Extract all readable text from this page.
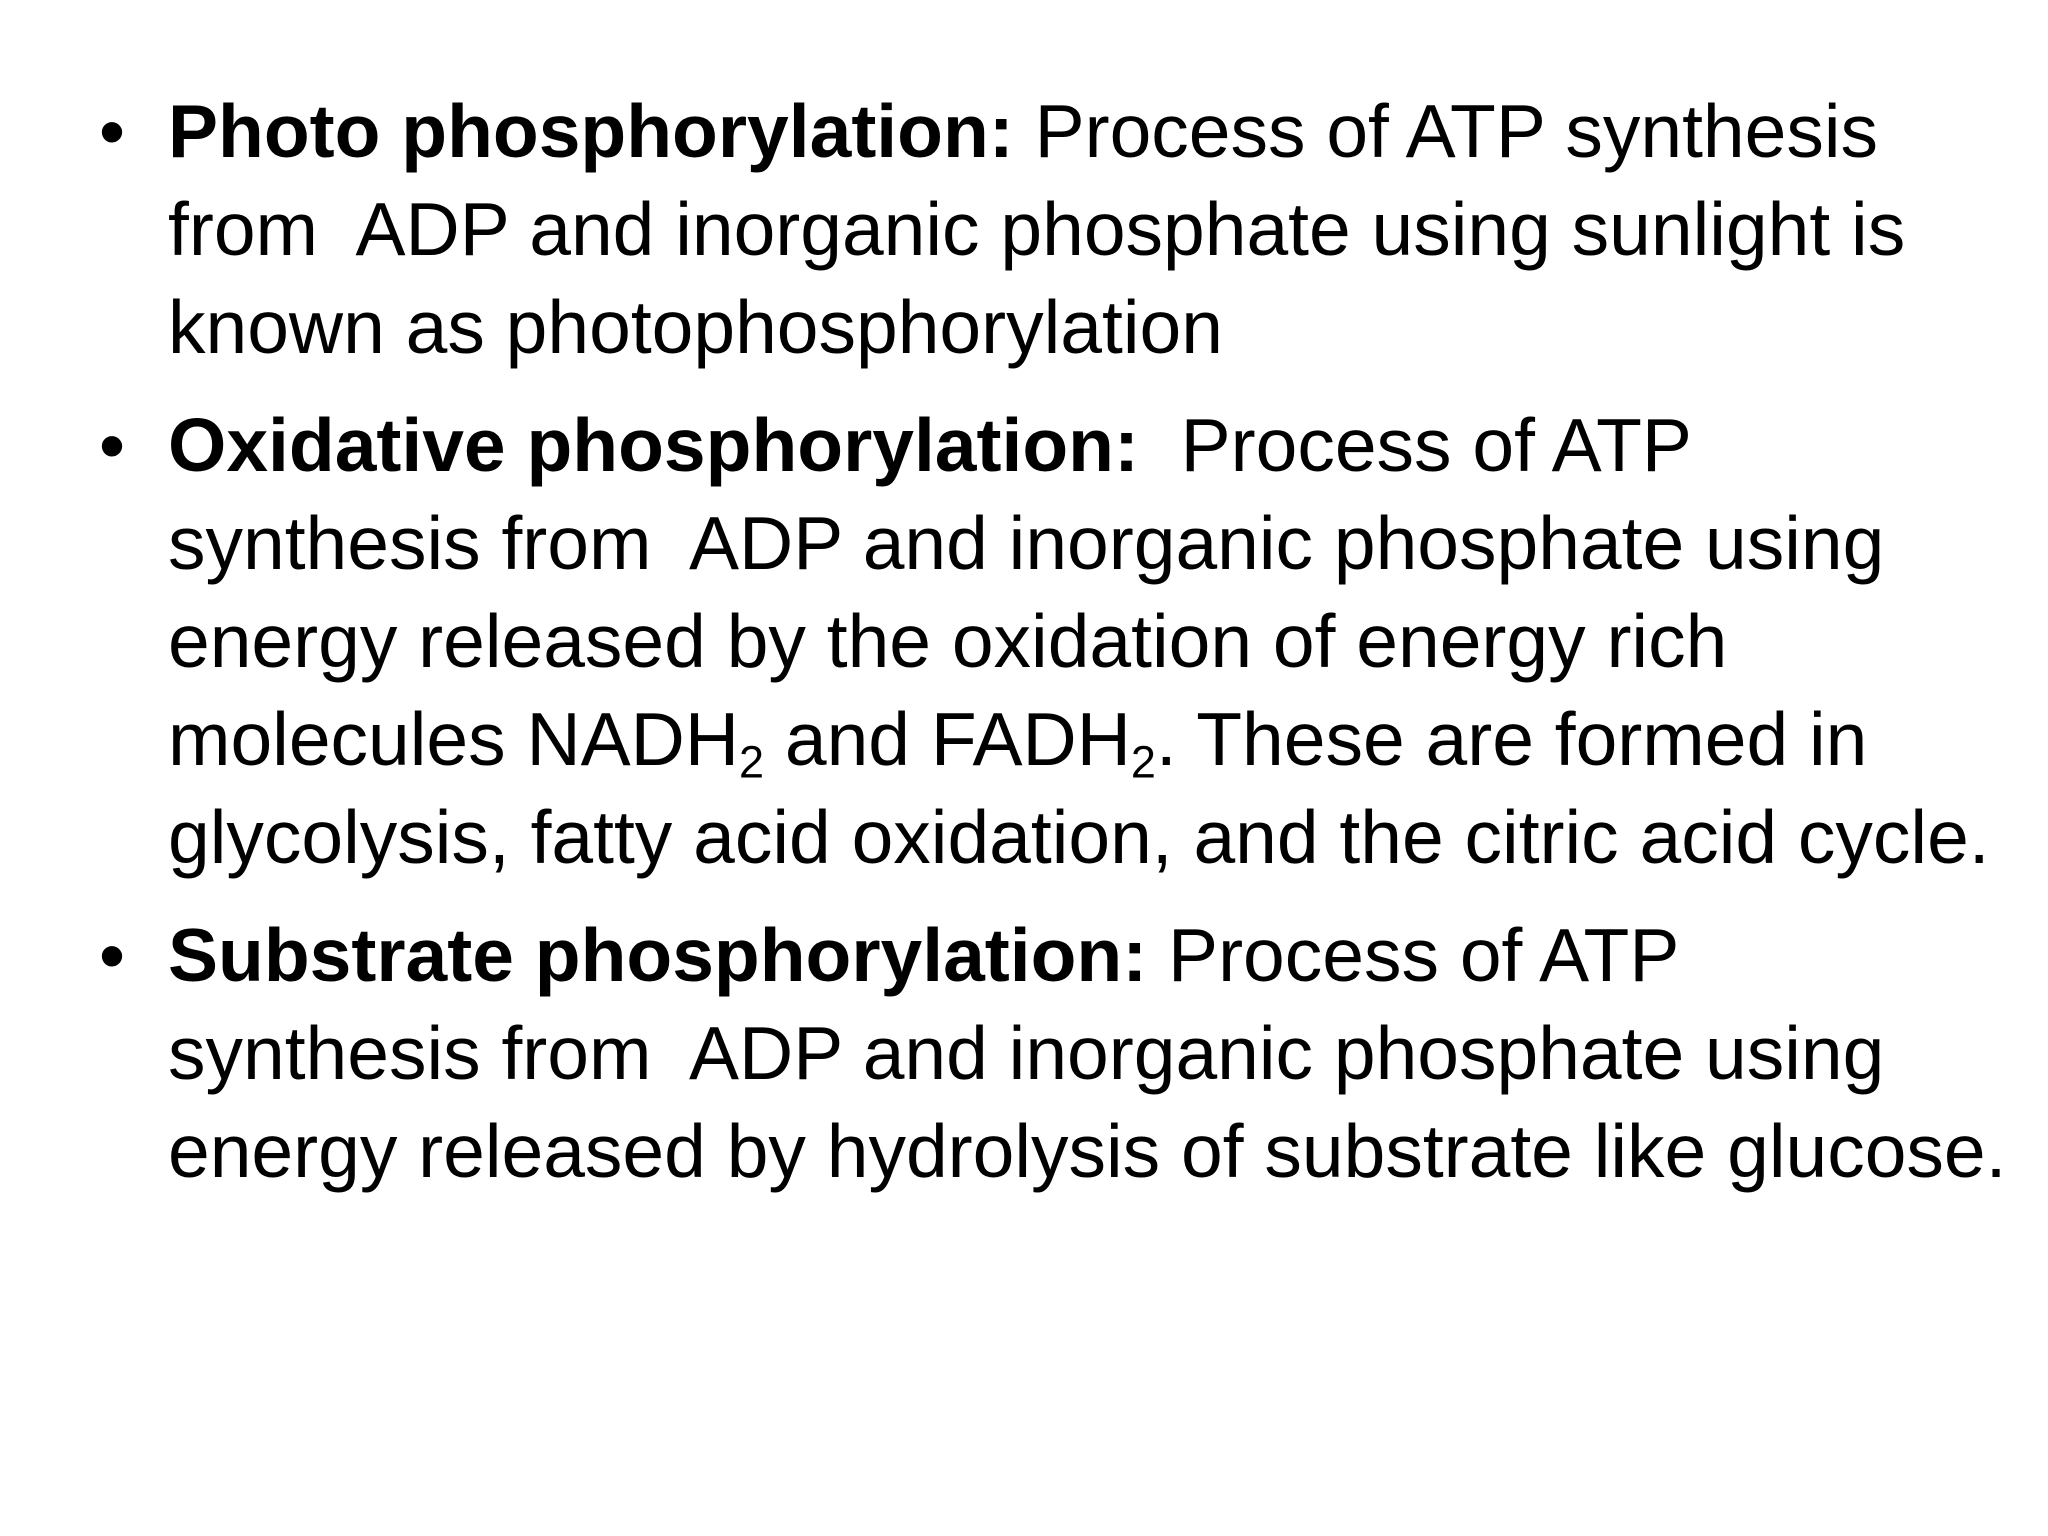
• Photo phosphorylation: Process of ATP synthesis from  ADP and inorganic phosphate using sunlight is known as photophosphorylation
• Oxidative phosphorylation:  Process of ATP synthesis from  ADP and inorganic phosphate using energy released by the oxidation of energy rich molecules $NADH_2$ and $FADH_2$. These are formed in glycolysis, fatty acid oxidation, and the citric acid cycle.
• Substrate phosphorylation: Process of ATP synthesis from  ADP and inorganic phosphate using energy released by hydrolysis of substrate like glucose.
